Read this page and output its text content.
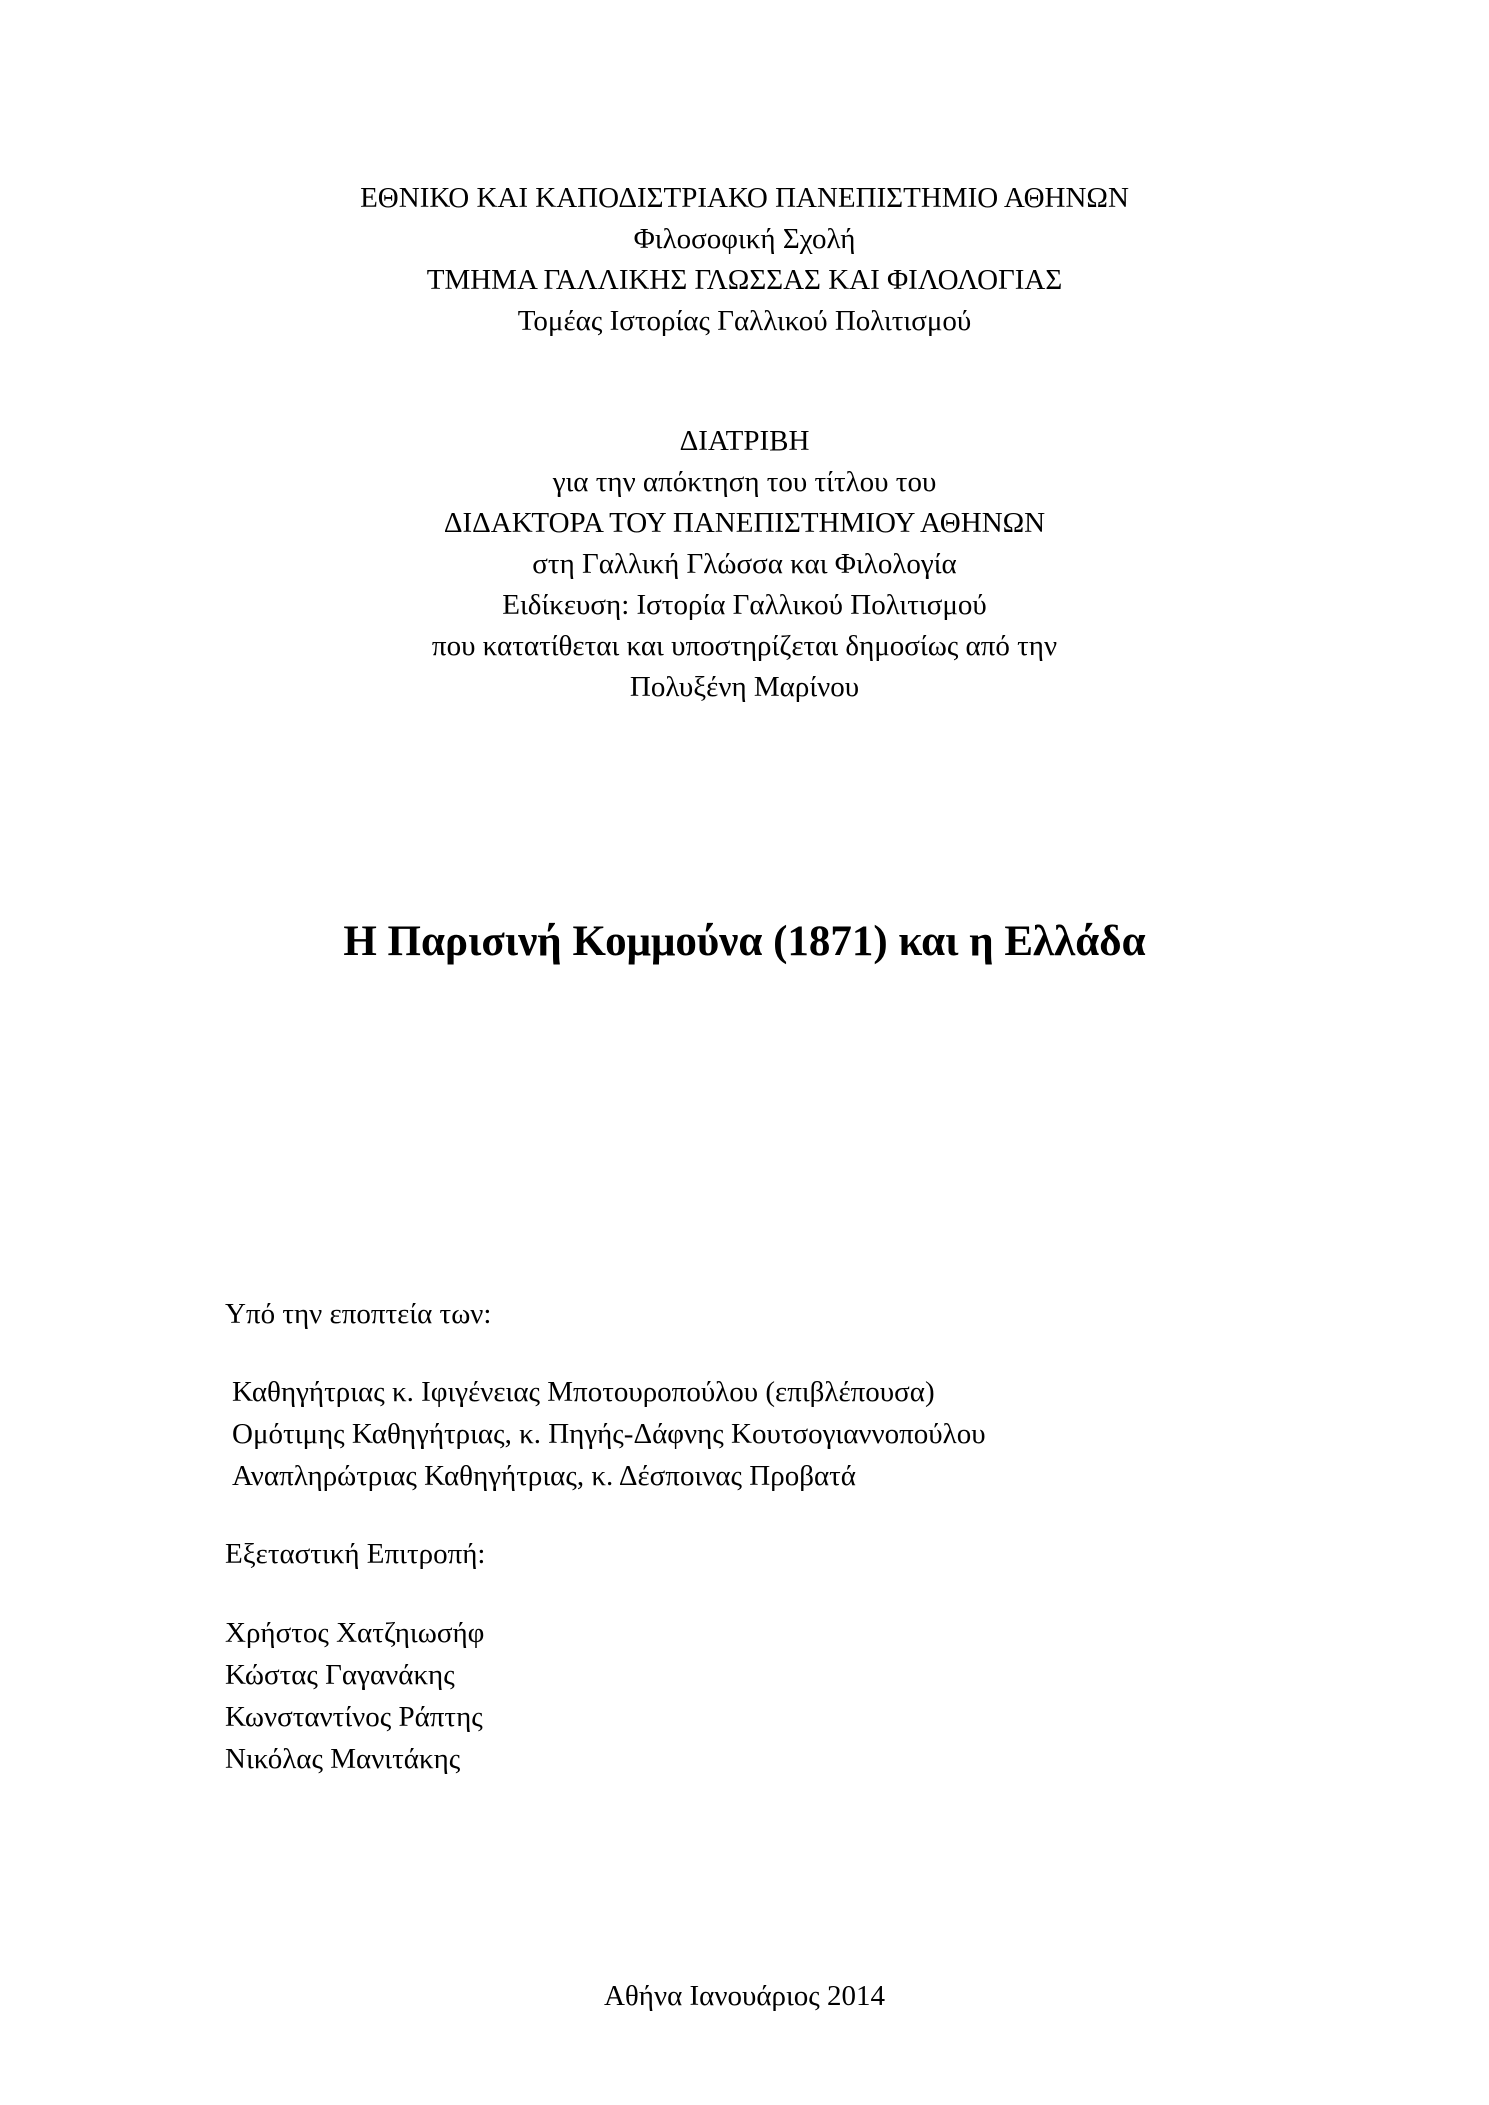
ΕΘΝΙΚΟ ΚΑΙ ΚΑΠΟΔΙΣΤΡΙΑΚΟ ΠΑΝΕΠΙΣΤΗΜΙΟ ΑΘΗΝΩΝ
Φιλοσοφική Σχολή
ΤΜΗΜΑ ΓΑΛΛΙΚΗΣ ΓΛΩΣΣΑΣ ΚΑΙ ΦΙΛΟΛΟΓΙΑΣ
Τομέας Ιστορίας Γαλλικού Πολιτισμού
ΔΙΑΤΡΙΒΗ
για την απόκτηση του τίτλου του
ΔΙΔΑΚΤΟΡΑ ΤΟΥ ΠΑΝΕΠΙΣΤΗΜΙΟΥ ΑΘΗΝΩΝ
στη Γαλλική Γλώσσα και Φιλολογία
Ειδίκευση: Ιστορία Γαλλικού Πολιτισμού
που κατατίθεται και υποστηρίζεται δημοσίως από την
Πολυξένη Μαρίνου
Η Παρισινή Κομμούνα (1871) και η Ελλάδα
Υπό την εποπτεία των:
Καθηγήτριας κ. Ιφιγένειας Μποτουροπούλου (επιβλέπουσα)
Ομότιμης Καθηγήτριας, κ. Πηγής-Δάφνης Κουτσογιαννοπούλου
Αναπληρώτριας Καθηγήτριας, κ. Δέσποινας Προβατά
Εξεταστική Επιτροπή:
Χρήστος Χατζηιωσήφ
Κώστας Γαγανάκης
Κωνσταντίνος Ράπτης
Νικόλας Μανιτάκης
Αθήνα Ιανουάριος 2014
